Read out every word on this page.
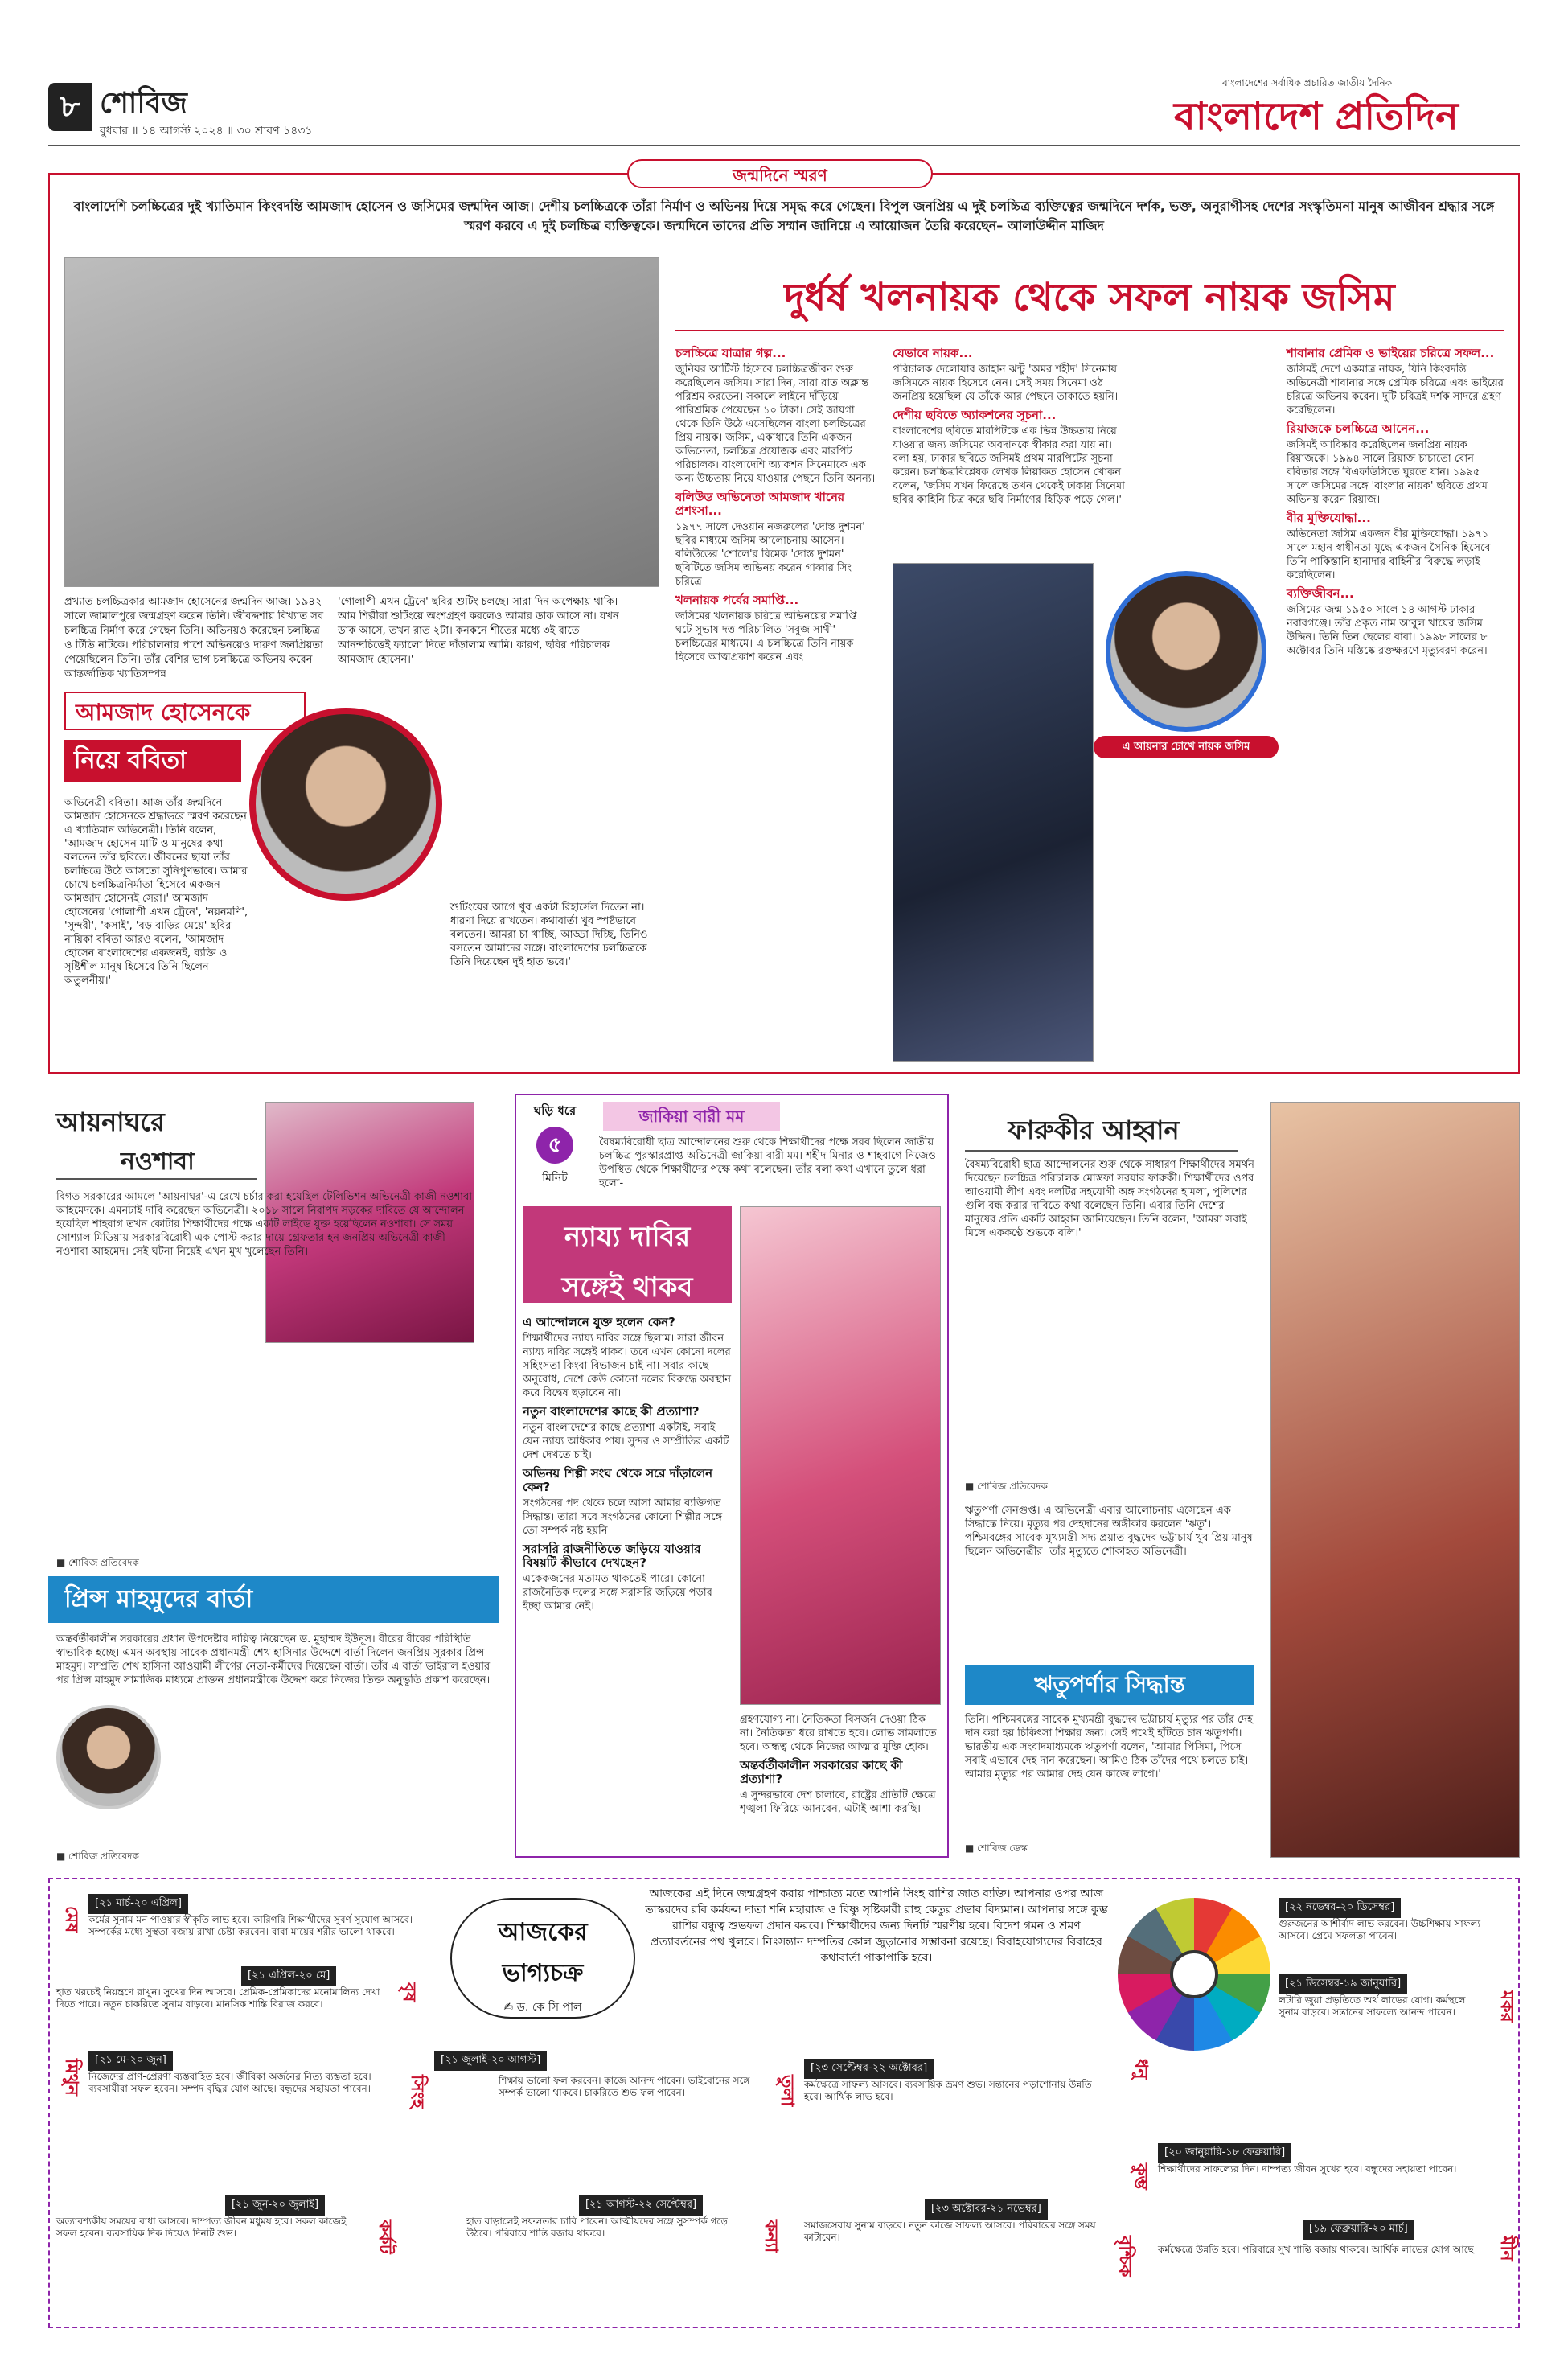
৮ শোবিজ
বুধবার ॥ ১৪ আগস্ট ২০২৪ ॥ ৩০ শ্রাবণ ১৪৩১
বাংলাদেশের সর্বাধিক প্রচারিত জাতীয় দৈনিক
বাংলাদেশ প্রতিদিন
জন্মদিনে স্মরণ
বাংলাদেশি চলচ্চিত্রের দুই খ্যাতিমান কিংবদন্তি আমজাদ হোসেন ও জসিমের জন্মদিন আজ। দেশীয় চলচ্চিত্রকে তাঁরা নির্মাণ ও অভিনয় দিয়ে সমৃদ্ধ করে গেছেন। বিপুল জনপ্রিয় এ দুই চলচ্চিত্র ব্যক্তিত্বের জন্মদিনে দর্শক, ভক্ত, অনুরাগীসহ দেশের সংস্কৃতিমনা মানুষ আজীবন শ্রদ্ধার সঙ্গে স্মরণ করবে এ দুই চলচ্চিত্র ব্যক্তিত্বকে। জন্মদিনে তাদের প্রতি সম্মান জানিয়ে এ আয়োজন তৈরি করেছেন– আলাউদ্দীন মাজিদ
প্রখ্যাত চলচ্চিত্রকার আমজাদ হোসেনের জন্মদিন আজ। ১৯৪২ সালে জামালপুরে জন্মগ্রহণ করেন তিনি। জীবদ্দশায় বিখ্যাত সব চলচ্চিত্র নির্মাণ করে গেছেন তিনি। অভিনয়ও করেছেন চলচ্চিত্র ও টিভি নাটকে। পরিচালনার পাশে অভিনয়েও দারুণ জনপ্রিয়তা পেয়েছিলেন তিনি। তাঁর বেশির ভাগ চলচ্চিত্রে অভিনয় করেন আন্তর্জাতিক খ্যাতিসম্পন্ন
'গোলাপী এখন ট্রেনে' ছবির শুটিং চলছে। সারা দিন অপেক্ষায় থাকি। আম শিল্পীরা শুটিংয়ে অংশগ্রহণ করলেও আমার ডাক আসে না। যখন ডাক আসে, তখন রাত ২টা। কনকনে শীতের মধ্যে ৩ই রাতে আনন্দচিত্তেই ফ্যালো দিতে দাঁড়ালাম আমি। কারণ, ছবির পরিচালক আমজাদ হোসেন।'
আমজাদ হোসেনকে
নিয়ে ববিতা
অভিনেত্রী ববিতা। আজ তাঁর জন্মদিনে আমজাদ হোসেনকে শ্রদ্ধাভরে স্মরণ করেছেন এ খ্যাতিমান অভিনেত্রী। তিনি বলেন, 'আমজাদ হোসেন মাটি ও মানুষের কথা বলতেন তাঁর ছবিতে। জীবনের ছায়া তাঁর চলচ্চিত্রে উঠে আসতো সুনিপুণভাবে। আমার চোখে চলচ্চিত্রনির্মাতা হিসেবে একজন আমজাদ হোসেনই সেরা।' আমজাদ হোসেনের 'গোলাপী এখন ট্রেনে', 'নয়নমণি', 'সুন্দরী', 'কসাই', 'বড় বাড়ির মেয়ে' ছবির নায়িকা ববিতা আরও বলেন, 'আমজাদ হোসেন বাংলাদেশের একজনই, ব্যক্তি ও সৃষ্টিশীল মানুষ হিসেবে তিনি ছিলেন অতুলনীয়।'
শুটিংয়ের আগে খুব একটা রিহার্সেল দিতেন না। ধারণা দিয়ে রাখতেন। কথাবার্তা খুব স্পষ্টভাবে বলতেন। আমরা চা খাচ্ছি, আড্ডা দিচ্ছি, তিনিও বসতেন আমাদের সঙ্গে। বাংলাদেশের চলচ্চিত্রকে তিনি দিয়েছেন দুই হাত ভরে।'
দুর্ধর্ষ খলনায়ক থেকে সফল নায়ক জসিম
চলচ্চিত্রে যাত্রার গল্প...

জুনিয়র আর্টিস্ট হিসেবে চলচ্চিত্রজীবন শুরু করেছিলেন জসিম। সারা দিন, সারা রাত অক্লান্ত পরিশ্রম করতেন। সকালে লাইনে দাঁড়িয়ে পারিশ্রমিক পেয়েছেন ১০ টাকা। সেই জায়গা থেকে তিনি উঠে এসেছিলেন বাংলা চলচ্চিত্রের প্রিয় নায়ক। জসিম, একাধারে তিনি একজন অভিনেতা, চলচ্চিত্র প্রযোজক এবং মারপিট পরিচালক। বাংলাদেশি অ্যাকশন সিনেমাকে এক অন্য উচ্চতায় নিয়ে যাওয়ার পেছনে তিনি অনন্য।

বলিউড অভিনেতা আমজাদ খানের প্রশংসা...

১৯৭৭ সালে দেওয়ান নজরুলের 'দোস্ত দুশমন' ছবির মাধ্যমে জসিম আলোচনায় আসেন। বলিউডের 'শোলে'র রিমেক 'দোস্ত দুশমন' ছবিটিতে জসিম অভিনয় করেন গাব্বার সিং চরিত্রে।

খলনায়ক পর্বের সমাপ্তি...

জসিমের খলনায়ক চরিত্রে অভিনয়ের সমাপ্তি ঘটে সুভাষ দত্ত পরিচালিত 'সবুজ সাথী' চলচ্চিত্রের মাধ্যমে। এ চলচ্চিত্রে তিনি নায়ক হিসেবে আত্মপ্রকাশ করেন এবং

যেভাবে নায়ক...

পরিচালক দেলোয়ার জাহান ঝন্টু 'অমর শহীদ' সিনেমায় জসিমকে নায়ক হিসেবে নেন। সেই সময় সিনেমা ওঠ জনপ্রিয় হয়েছিল যে তাঁকে আর পেছনে তাকাতে হয়নি।

দেশীয় ছবিতে অ্যাকশনের সূচনা...

বাংলাদেশের ছবিতে মারপিটকে এক ভিন্ন উচ্চতায় নিয়ে যাওয়ার জন্য জসিমের অবদানকে স্বীকার করা যায় না। বলা হয়, ঢাকার ছবিতে জসিমই প্রথম মারপিটের সূচনা করেন। চলচ্চিত্রবিশ্লেষক লেখক লিয়াকত হোসেন খোকন বলেন, 'জসিম যখন ফিরেছে তখন থেকেই ঢাকায় সিনেমা ছবির কাহিনি চিত্র করে ছবি নির্মাণের হিড়িক পড়ে গেল।'

এ আয়নার চোখে নায়ক জসিম
শাবানার প্রেমিক ও ভাইয়ের চরিত্রে সফল...

জসিমই দেশে একমাত্র নায়ক, যিনি কিংবদন্তি অভিনেত্রী শাবানার সঙ্গে প্রেমিক চরিত্রে এবং ভাইয়ের চরিত্রে অভিনয় করেন। দুটি চরিত্রই দর্শক সাদরে গ্রহণ করেছিলেন।

রিয়াজকে চলচ্চিত্রে আনেন...

জসিমই আবিষ্কার করেছিলেন জনপ্রিয় নায়ক রিয়াজকে। ১৯৯৪ সালে রিয়াজ চাচাতো বোন ববিতার সঙ্গে বিএফডিসিতে ঘুরতে যান। ১৯৯৫ সালে জসিমের সঙ্গে 'বাংলার নায়ক' ছবিতে প্রথম অভিনয় করেন রিয়াজ।

বীর মুক্তিযোদ্ধা...

অভিনেতা জসিম একজন বীর মুক্তিযোদ্ধা। ১৯৭১ সালে মহান স্বাধীনতা যুদ্ধে একজন সৈনিক হিসেবে তিনি পাকিস্তানি হানাদার বাহিনীর বিরুদ্ধে লড়াই করেছিলেন।

ব্যক্তিজীবন...

জসিমের জন্ম ১৯৫০ সালে ১৪ আগস্ট ঢাকার নবাবগঞ্জে। তাঁর প্রকৃত নাম আবুল খায়ের জসিম উদ্দিন। তিনি তিন ছেলের বাবা। ১৯৯৮ সালের ৮ অক্টোবর তিনি মস্তিষ্কে রক্তক্ষরণে মৃত্যুবরণ করেন।

আয়নাঘরে
নওশাবা
বিগত সরকারের আমলে 'আয়নাঘর'-এ রেখে চর্চার করা হয়েছিল টেলিভিশন অভিনেত্রী কাজী নওশাবা আহমেদকে। এমনটাই দাবি করেছেন অভিনেত্রী। ২০১৮ সালে নিরাপদ সড়কের দাবিতে যে আন্দোলন হয়েছিল শাহবাগ তখন কোটার শিক্ষার্থীদের পক্ষে একটি লাইভে যুক্ত হয়েছিলেন নওশাবা। সে সময় সোশ্যাল মিডিয়ায় সরকারবিরোধী এক পোস্ট করার দায়ে গ্রেফতার হন জনপ্রিয় অভিনেত্রী কাজী নওশাবা আহমেদ। সেই ঘটনা নিয়েই এখন মুখ খুলেছেন তিনি।
■ শোবিজ প্রতিবেদক
প্রিন্স মাহমুদের বার্তা
অন্তর্বর্তীকালীন সরকারের প্রধান উপদেষ্টার দায়িত্ব নিয়েছেন ড. মুহাম্মদ ইউনূস। বীরের বীরের পরিস্থিতি স্বাভাবিক হচ্ছে। এমন অবস্থায় সাবেক প্রধানমন্ত্রী শেখ হাসিনার উদ্দেশে বার্তা দিলেন জনপ্রিয় সুরকার প্রিন্স মাহমুদ। সম্প্রতি শেখ হাসিনা আওয়ামী লীগের নেতা-কর্মীদের দিয়েছেন বার্তা। তাঁর এ বার্তা ভাইরাল হওয়ার পর প্রিন্স মাহমুদ সামাজিক মাধ্যমে প্রাক্তন প্রধানমন্ত্রীকে উদ্দেশ করে নিজের তিক্ত অনুভূতি প্রকাশ করেছেন।
■ শোবিজ প্রতিবেদক
ঘড়ি ধরে
৫
মিনিট
জাকিয়া বারী মম
বৈষম্যবিরোধী ছাত্র আন্দোলনের শুরু থেকে শিক্ষার্থীদের পক্ষে সরব ছিলেন জাতীয় চলচ্চিত্র পুরস্কারপ্রাপ্ত অভিনেত্রী জাকিয়া বারী মম। শহীদ মিনার ও শাহবাগে নিজেও উপস্থিত থেকে শিক্ষার্থীদের পক্ষে কথা বলেছেন। তাঁর বলা কথা এখানে তুলে ধরা হলো-
ন্যায্য দাবির
সঙ্গেই থাকব
এ আন্দোলনে যুক্ত হলেন কেন?

শিক্ষার্থীদের ন্যায্য দাবির সঙ্গে ছিলাম। সারা জীবন ন্যায্য দাবির সঙ্গেই থাকব। তবে এখন কোনো দলের সহিংসতা কিংবা বিভাজন চাই না। সবার কাছে অনুরোধ, দেশে কেউ কোনো দলের বিরুদ্ধে অবস্থান করে বিদ্বেষ ছড়াবেন না।

নতুন বাংলাদেশের কাছে কী প্রত্যাশা?

নতুন বাংলাদেশের কাছে প্রত্যাশা একটাই, সবাই যেন ন্যায্য অধিকার পায়। সুন্দর ও সম্প্রীতির একটি দেশ দেখতে চাই।

অভিনয় শিল্পী সংঘ থেকে সরে দাঁড়ালেন কেন?

সংগঠনের পদ থেকে চলে আসা আমার ব্যক্তিগত সিদ্ধান্ত। তারা সবে সংগঠনের কোনো শিল্পীর সঙ্গে তো সম্পর্ক নষ্ট হয়নি।

সরাসরি রাজনীতিতে জড়িয়ে যাওয়ার বিষয়টি কীভাবে দেখছেন?

একেকজনের মতামত থাকতেই পারে। কোনো রাজনৈতিক দলের সঙ্গে সরাসরি জড়িয়ে পড়ার ইচ্ছা আমার নেই।

গ্রহণযোগ্য না। নৈতিকতা বিসর্জন দেওয়া ঠিক না। নৈতিকতা ধরে রাখতে হবে। লোভ সামলাতে হবে। অন্ধত্ব থেকে নিজের আত্মার মুক্তি হোক।

অন্তর্বর্তীকালীন সরকারের কাছে কী প্রত্যাশা?

এ সুন্দরভাবে দেশ চালাবে, রাষ্ট্রের প্রতিটি ক্ষেত্রে শৃঙ্খলা ফিরিয়ে আনবেন, এটাই আশা করছি।

ফারুকীর আহ্বান
বৈষম্যবিরোধী ছাত্র আন্দোলনের শুরু থেকে সাধারণ শিক্ষার্থীদের সমর্থন দিয়েছেন চলচ্চিত্র পরিচালক মোস্তফা সরয়ার ফারুকী। শিক্ষার্থীদের ওপর আওয়ামী লীগ এবং দলটির সহযোগী অঙ্গ সংগঠনের হামলা, পুলিশের গুলি বন্ধ করার দাবিতে কথা বলেছেন তিনি। এবার তিনি দেশের মানুষের প্রতি একটি আহ্বান জানিয়েছেন। তিনি বলেন, 'আমরা সবাই মিলে এককণ্ঠে শুভকে বলি।'
■ শোবিজ প্রতিবেদক
ঋতুপর্ণা সেনগুপ্ত। এ অভিনেত্রী এবার আলোচনায় এসেছেন এক সিদ্ধান্তে নিয়ে। মৃত্যুর পর দেহদানের অঙ্গীকার করলেন 'ঋতু'। পশ্চিমবঙ্গের সাবেক মুখ্যমন্ত্রী সদ্য প্রয়াত বুদ্ধদেব ভট্টাচার্য খুব প্রিয় মানুষ ছিলেন অভিনেত্রীর। তাঁর মৃত্যুতে শোকাহত অভিনেত্রী।
ঋতুপর্ণার সিদ্ধান্ত
তিনি। পশ্চিমবঙ্গের সাবেক মুখ্যমন্ত্রী বুদ্ধদেব ভট্টাচার্য মৃত্যুর পর তাঁর দেহ দান করা হয় চিকিৎসা শিক্ষার জন্য। সেই পথেই হাঁটতে চান ঋতুপর্ণা। ভারতীয় এক সংবাদমাধ্যমকে ঋতুপর্ণা বলেন, 'আমার পিসিমা, পিসে সবাই এভাবে দেহ দান করেছেন। আমিও ঠিক তাঁদের পথে চলতে চাই। আমার মৃত্যুর পর আমার দেহ যেন কাজে লাগে।'
■ শোবিজ ডেস্ক
আজকের
ভাগ্যচক্র
✍ ড. কে সি পাল
আজকের এই দিনে জন্মগ্রহণ করায় পাশ্চাত্য মতে আপনি সিংহ রাশির জাত ব্যক্তি। আপনার ওপর আজ ভাস্করদেব রবি কর্মফল দাতা শনি মহারাজ ও বিষ্ণু সৃষ্টিকারী রাহু কেতুর প্রভাব বিদ্যমান। আপনার সঙ্গে কুম্ভ রাশির বন্ধুত্ব শুভফল প্রদান করবে। শিক্ষার্থীদের জন্য দিনটি স্মরণীয় হবে। বিদেশ গমন ও শ্রমণ প্রত্যাবর্তনের পথ খুলবে। নিঃসন্তান দম্পতির কোল জুড়ানোর সম্ভাবনা রয়েছে। বিবাহযোগ্যদের বিবাহের কথাবার্তা পাকাপাকি হবে।
মেষ
[২১ মার্চ-২০ এপ্রিল]
কর্মের সুনাম মন পাওয়ার স্বীকৃতি লাভ হবে। কারিগরি শিক্ষার্থীদের সুবর্ণ সুযোগ আসবে। সম্পর্কের মধ্যে সুস্থতা বজায় রাখা চেষ্টা করবেন। বাবা মায়ের শরীর ভালো থাকবে।
বৃষ
[২১ এপ্রিল-২০ মে]
হাত খরচেই নিয়ন্ত্রণে রাখুন। সুখের দিন আসবে। প্রেমিক-প্রেমিকাদের মনোমালিন্য দেখা দিতে পারে। নতুন চাকরিতে সুনাম বাড়বে। মানসিক শান্তি বিরাজ করবে।
ধনু
[২২ নভেম্বর-২০ ডিসেম্বর]
গুরুজনের আশীর্বাদ লাভ করবেন। উচ্চশিক্ষায় সাফল্য আসবে। প্রেমে সফলতা পাবেন।
মকর
[২১ ডিসেম্বর-১৯ জানুয়ারি]
লটারি জুয়া প্রভৃতিতে অর্থ লাভের যোগ। কর্মস্থলে সুনাম বাড়বে। সন্তানের সাফল্যে আনন্দ পাবেন।
কুম্ভ
[২০ জানুয়ারি-১৮ ফেব্রুয়ারি]
শিক্ষার্থীদের সাফল্যের দিন। দাম্পত্য জীবন সুখের হবে। বন্ধুদের সহায়তা পাবেন।
মিথুন	[২১ মে-২০ জুন]
নিজেদের প্রাণ-প্রেরণা ব্যস্তবাহিত হবে। জীবিকা অর্জনের নিত্য ব্যস্ততা হবে। ব্যবসায়ীরা সফল হবেন। সম্পদ বৃদ্ধির যোগ আছে। বন্ধুদের সহায়তা পাবেন।
কর্কট
[২১ জুন-২০ জুলাই]
অত্যাবশ্যকীয় সময়ের বাধা আসবে। দাম্পত্য জীবন মধুময় হবে। সকল কাজেই সফল হবেন। ব্যবসায়িক দিক দিয়েও দিনটি শুভ।
সিংহ
[২১ জুলাই-২০ আগস্ট]
শিক্ষায় ভালো ফল করবেন। কাজে আনন্দ পাবেন। ভাইবোনের সঙ্গে সম্পর্ক ভালো থাকবে। চাকরিতে শুভ ফল পাবেন।
কন্যা
[২১ আগস্ট-২২ সেপ্টেম্বর]
হাত বাড়ালেই সফলতার চাবি পাবেন। আত্মীয়দের সঙ্গে সুসম্পর্ক গড়ে উঠবে। পরিবারে শান্তি বজায় থাকবে।
তুলা
[২৩ সেপ্টেম্বর-২২ অক্টোবর]
কর্মক্ষেত্রে সাফল্য আসবে। ব্যবসায়িক ভ্রমণ শুভ। সন্তানের পড়াশোনায় উন্নতি হবে। আর্থিক লাভ হবে।
বৃশ্চিক
[২৩ অক্টোবর-২১ নভেম্বর]
সমাজসেবায় সুনাম বাড়বে। নতুন কাজে সাফল্য আসবে। পরিবারের সঙ্গে সময় কাটাবেন।	মীন
[১৯ ফেব্রুয়ারি-২০ মার্চ]
কর্মক্ষেত্রে উন্নতি হবে। পরিবারে সুখ শান্তি বজায় থাকবে। আর্থিক লাভের যোগ আছে।
